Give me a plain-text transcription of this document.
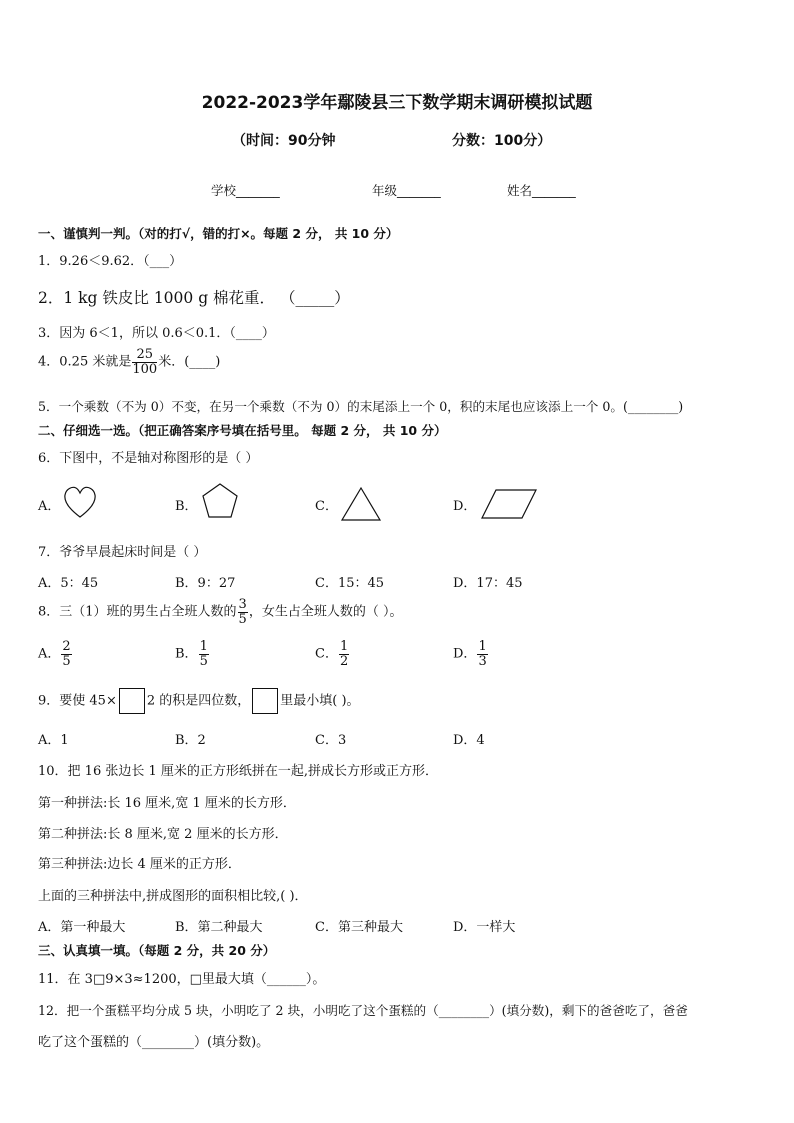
2022-2023学年鄢陵县三下数学期末调研模拟试题
（时间：90分钟	分数：100分）
学校_______	年级_______	姓名_______
一、谨慎判一判。（对的打√，错的打×。每题 2 分， 共 10 分）
1．9.26＜9.62．（___）
2．1 kg 铁皮比 1000 g 棉花重． （_____）
3．因为 6＜1，所以 0.6＜0.1．（____）
4．0.25 米就是 $\frac{25}{100}$ 米．(____)
5．一个乘数（不为 0）不变，在另一个乘数（不为 0）的末尾添上一个 0，积的末尾也应该添上一个 0。(________)
二、仔细选一选。（把正确答案序号填在括号里。 每题 2 分， 共 10 分）
6．下图中，不是轴对称图形的是（ ）
A．	B．	C．	D．
7．爷爷早晨起床时间是（ ）
A．5：45	B．9：27	C．15：45	D．17：45
8．三（1）班的男生占全班人数的 $\frac{3}{5}$ ，女生占全班人数的（ ）。
A． $\frac{2}{5}$	B． $\frac{1}{5}$	C． $\frac{1}{2}$	D． $\frac{1}{3}$
9．要使 45× 2 的积是四位数， 里最小填( )。
A．1	B．2	C．3	D．4
10．把 16 张边长 1 厘米的正方形纸拼在一起,拼成长方形或正方形．
第一种拼法:长 16 厘米,宽 1 厘米的长方形．
第二种拼法:长 8 厘米,宽 2 厘米的长方形．
第三种拼法:边长 4 厘米的正方形．
上面的三种拼法中,拼成图形的面积相比较,( )．
A．第一种最大	B．第二种最大	C．第三种最大	D．一样大
三、认真填一填。（每题 2 分，共 20 分）
11．在 3□9×3≈1200，□里最大填（______）。
12．把一个蛋糕平均分成 5 块，小明吃了 2 块，小明吃了这个蛋糕的（________）(填分数)，剩下的爸爸吃了，爸爸
吃了这个蛋糕的（________）(填分数)。
